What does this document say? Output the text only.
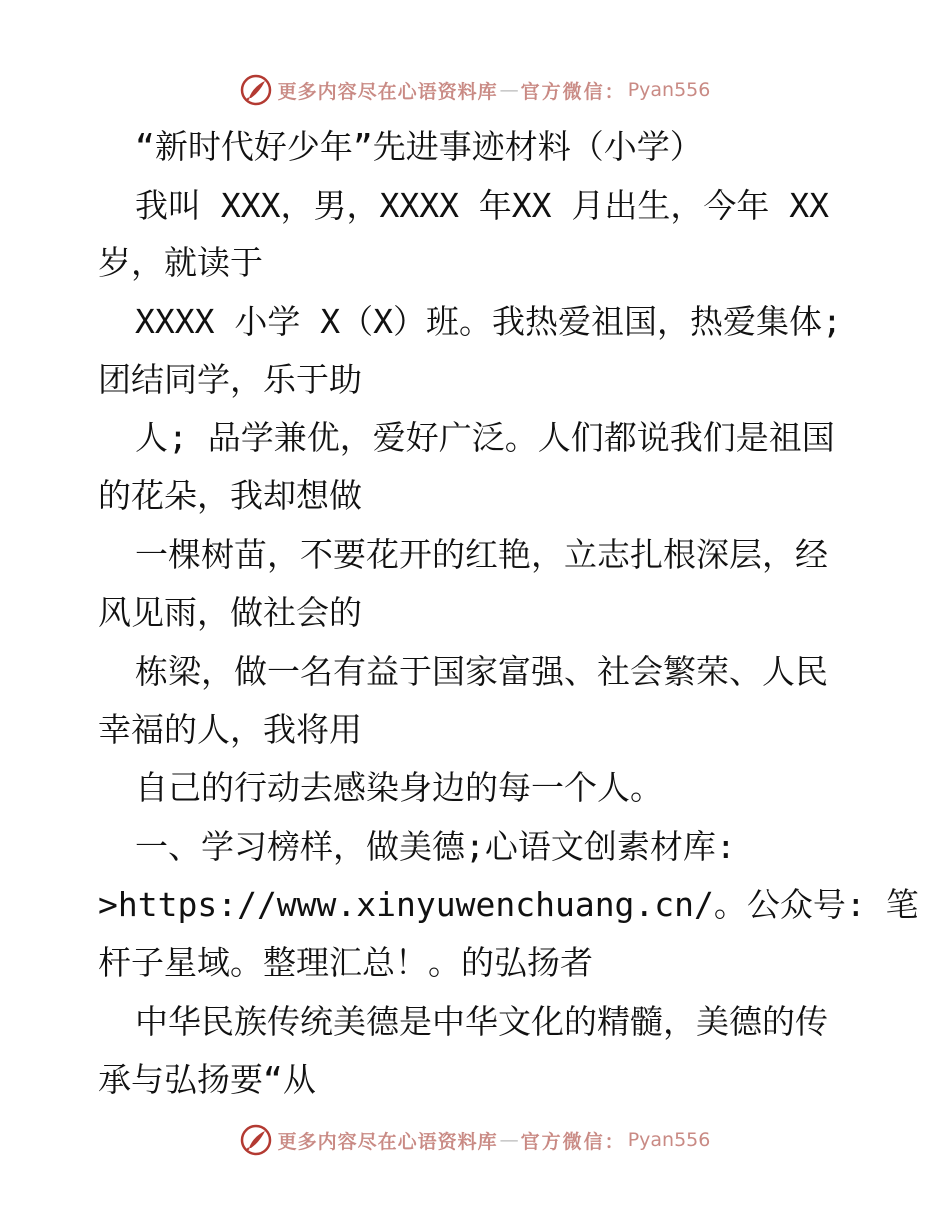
更多内容尽在心语资料库 — 官方微信： Pyan556
“新时代好少年”先进事迹材料（小学）
我叫 XXX，男，XXXX 年XX 月出生，今年 XX
岁，就读于
XXXX 小学 X（X）班。我热爱祖国，热爱集体;
团结同学，乐于助
人; 品学兼优，爱好广泛。人们都说我们是祖国
的花朵，我却想做
一棵树苗，不要花开的红艳，立志扎根深层，经
风见雨，做社会的
栋梁，做一名有益于国家富强、社会繁荣、人民
幸福的人，我将用
自己的行动去感染身边的每一个人。
一、学习榜样，做美德;心语文创素材库:
>https://www.xinyuwenchuang.cn/。公众号: 笔
杆子星域。整理汇总！。的弘扬者
中华民族传统美德是中华文化的精髓，美德的传
承与弘扬要“从
更多内容尽在心语资料库 — 官方微信： Pyan556
